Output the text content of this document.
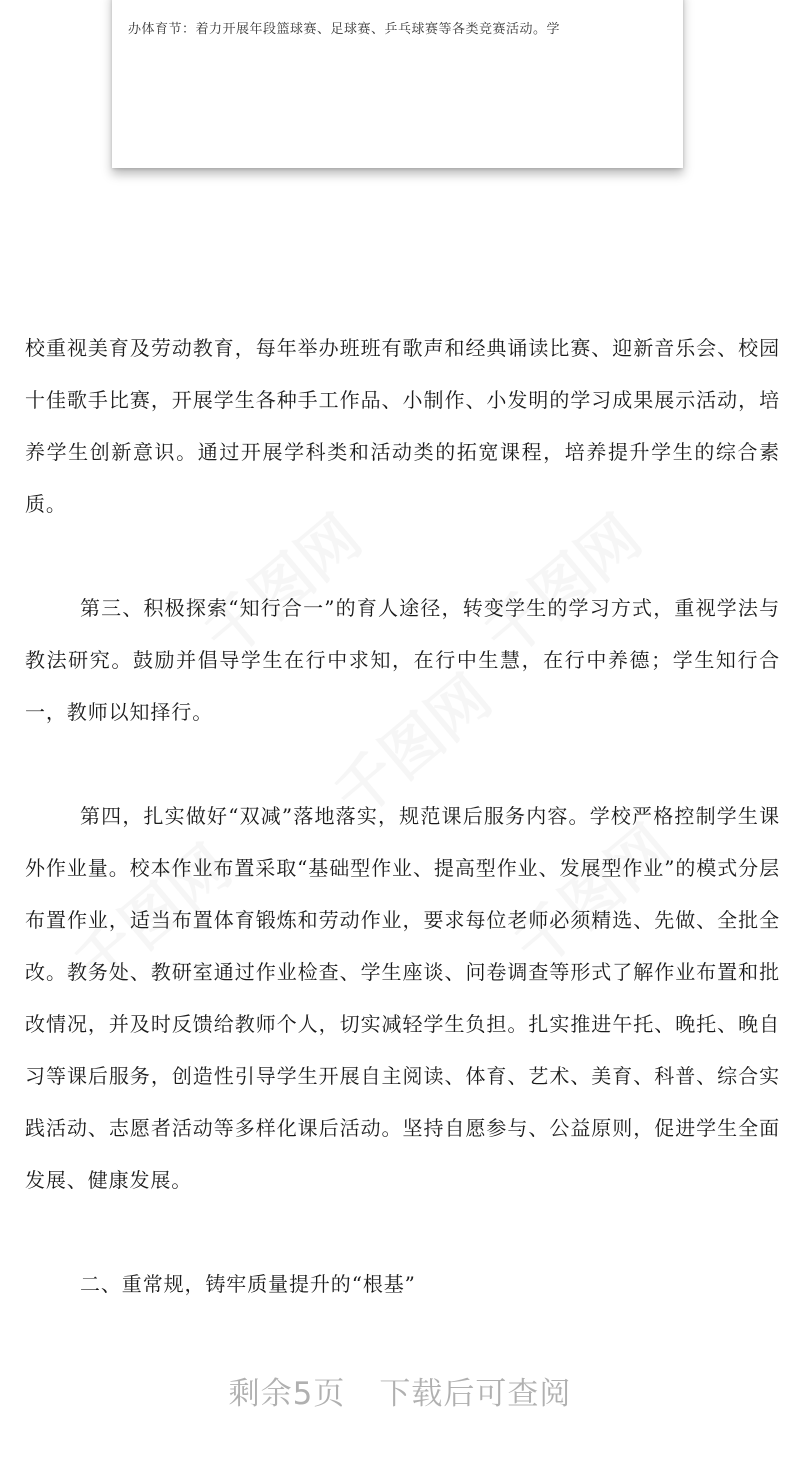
办体育节：着力开展年段篮球赛、足球赛、乒乓球赛等各类竞赛活动。学

校重视美育及劳动教育，每年举办班班有歌声和经典诵读比赛、迎新音乐会、校园十佳歌手比赛，开展学生各种手工作品、小制作、小发明的学习成果展示活动，培养学生创新意识。通过开展学科类和活动类的拓宽课程，培养提升学生的综合素质。

第三、积极探索“知行合一”的育人途径，转变学生的学习方式，重视学法与教法研究。鼓励并倡导学生在行中求知，在行中生慧，在行中养德；学生知行合一，教师以知择行。

第四，扎实做好“双减”落地落实，规范课后服务内容。学校严格控制学生课外作业量。校本作业布置采取“基础型作业、提高型作业、发展型作业”的模式分层布置作业，适当布置体育锻炼和劳动作业，要求每位老师必须精选、先做、全批全改。教务处、教研室通过作业检查、学生座谈、问卷调查等形式了解作业布置和批改情况，并及时反馈给教师个人，切实减轻学生负担。扎实推进午托、晚托、晚自习等课后服务，创造性引导学生开展自主阅读、体育、艺术、美育、科普、综合实践活动、志愿者活动等多样化课后活动。坚持自愿参与、公益原则，促进学生全面发展、健康发展。

二、重常规，铸牢质量提升的“根基”

剩余5页 下载后可查阅
